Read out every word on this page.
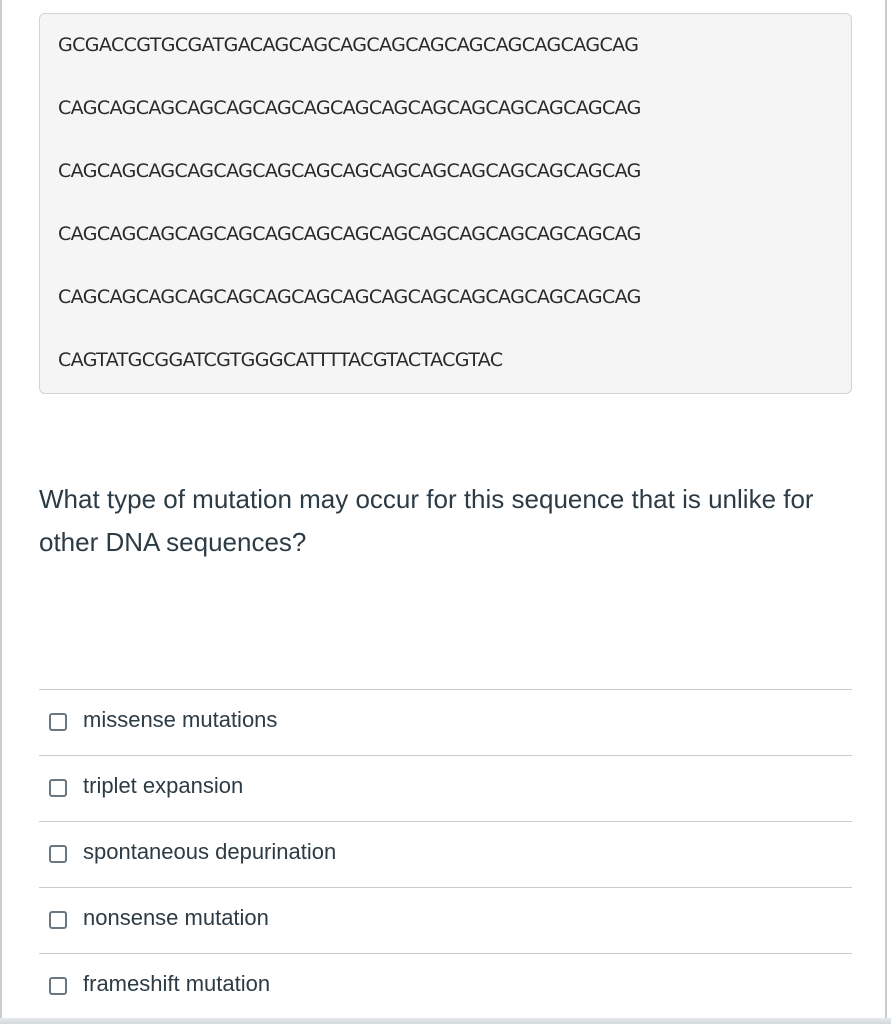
GCGACCGTGCGATGACAGCAGCAGCAGCAGCAGCAGCAGCAGCAG
CAGCAGCAGCAGCAGCAGCAGCAGCAGCAGCAGCAGCAGCAGCAG
CAGCAGCAGCAGCAGCAGCAGCAGCAGCAGCAGCAGCAGCAGCAG
CAGCAGCAGCAGCAGCAGCAGCAGCAGCAGCAGCAGCAGCAGCAG
CAGCAGCAGCAGCAGCAGCAGCAGCAGCAGCAGCAGCAGCAGCAG
CAGTATGCGGATCGTGGGCATTTTACGTACTACGTAC
What type of mutation may occur for this sequence that is unlike for other DNA sequences?
missense mutations
triplet expansion
spontaneous depurination
nonsense mutation
frameshift mutation
